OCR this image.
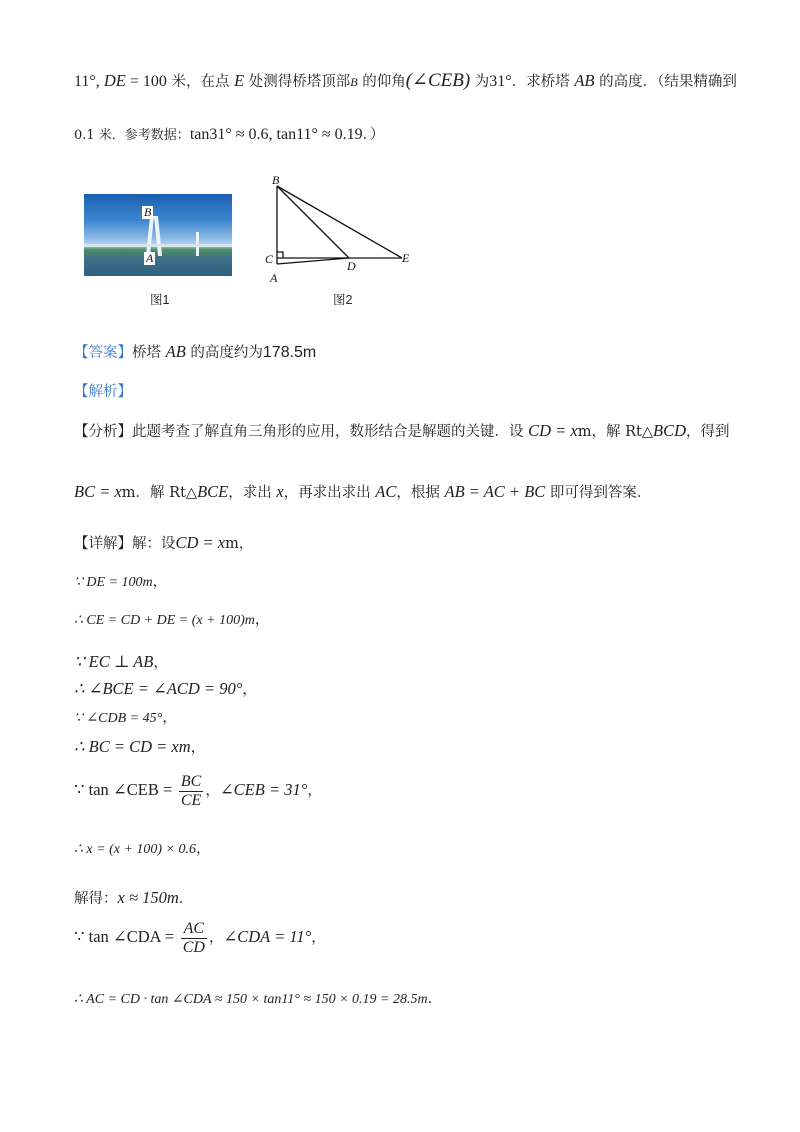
11°, DE = 100 米，在点 E 处测得桥塔顶部B 的仰角(∠CEB) 为31°．求桥塔 AB 的高度．（结果精确到
0.1 米．参考数据：tan31° ≈ 0.6, tan11° ≈ 0.19．）
B
A
图1
B
C
A
D
E
图2
【答案】桥塔 AB 的高度约为178.5m
【解析】
【分析】此题考查了解直角三角形的应用，数形结合是解题的关键．设 CD = xm，解 Rt△BCD，得到
BC = xm．解 Rt△BCE，求出 x，再求出求出 AC，根据 AB = AC + BC 即可得到答案．
【详解】解：设CD = xm，
∵ DE = 100m，
∴ CE = CD + DE = (x + 100)m，
∵ EC ⊥ AB，
∴ ∠BCE = ∠ACD = 90°，
∵ ∠CDB = 45°，
∴ BC = CD = xm，
∵ tan ∠CEB = $\frac{BC}{CE}$ ，∠CEB = 31°，
∴ x = (x + 100) × 0.6，
解得：x ≈ 150m．
∵ tan ∠CDA = $\frac{AC}{CD}$ ，∠CDA = 11°，
∴ AC = CD · tan ∠CDA ≈ 150 × tan11° ≈ 150 × 0.19 = 28.5m．
